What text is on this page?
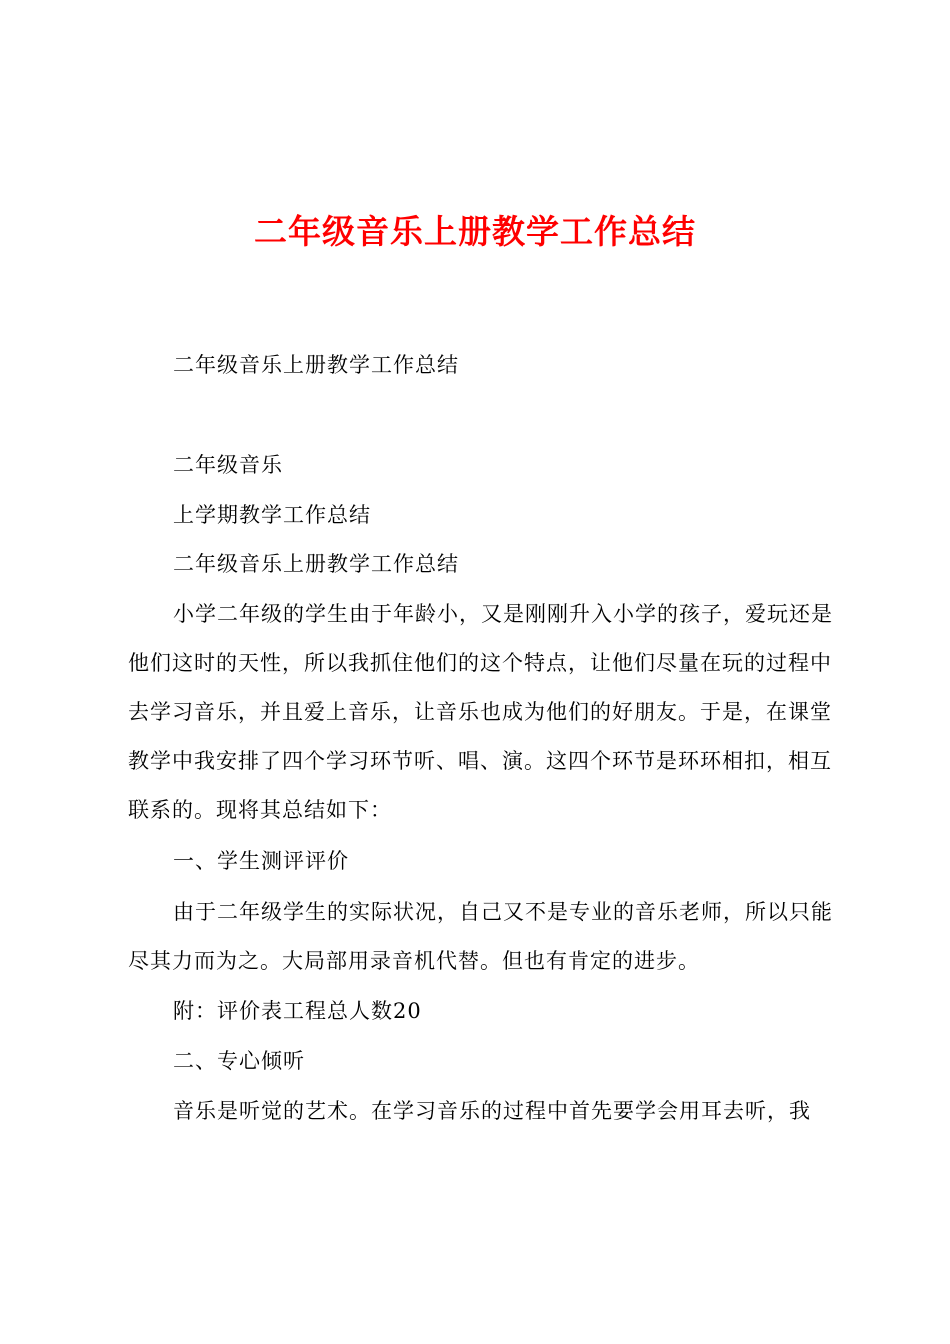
二年级音乐上册教学工作总结

二年级音乐上册教学工作总结

二年级音乐

上学期教学工作总结

二年级音乐上册教学工作总结

小学二年级的学生由于年龄小，又是刚刚升入小学的孩子，爱玩还是他们这时的天性，所以我抓住他们的这个特点，让他们尽量在玩的过程中去学习音乐，并且爱上音乐，让音乐也成为他们的好朋友。于是，在课堂教学中我安排了四个学习环节听、唱、演。这四个环节是环环相扣，相互联系的。现将其总结如下：

一、学生测评评价

由于二年级学生的实际状况，自己又不是专业的音乐老师，所以只能尽其力而为之。大局部用录音机代替。但也有肯定的进步。

附：评价表工程总人数20

二、专心倾听

音乐是听觉的艺术。在学习音乐的过程中首先要学会用耳去听，我
